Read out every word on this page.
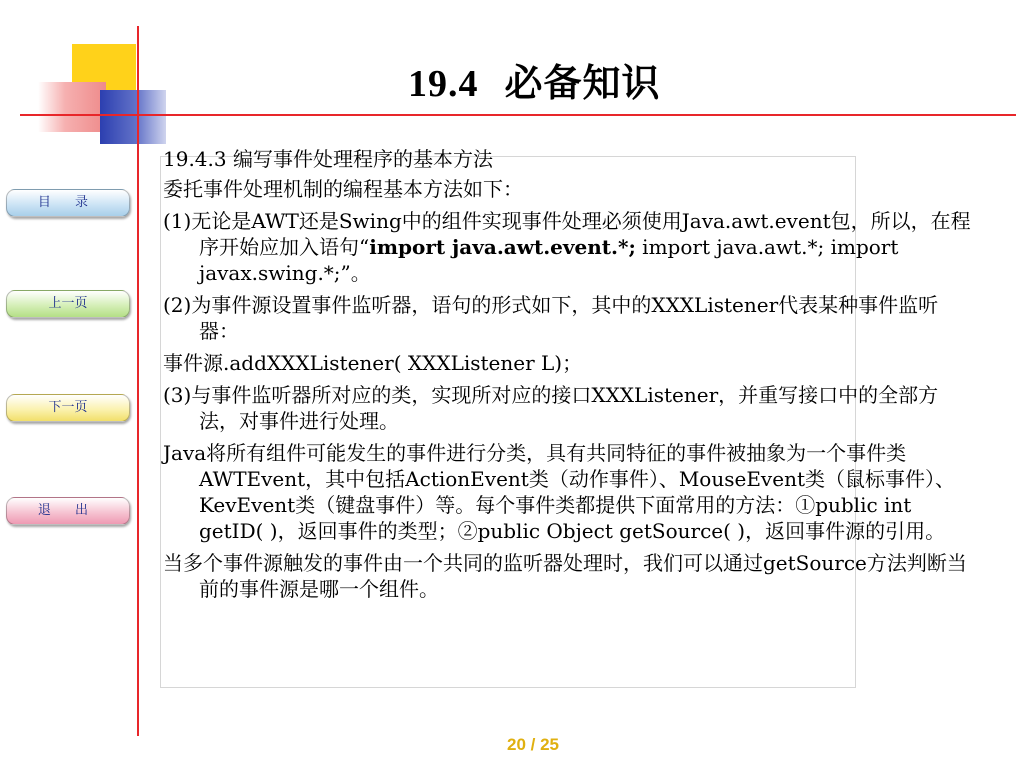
19.4 必备知识
目 录
上一页
下一页
退 出

19.4.3 编写事件处理程序的基本方法

委托事件处理机制的编程基本方法如下：

(1)无论是AWT还是Swing中的组件实现事件处理必须使用Java.awt.event包，所以，在程序开始应加入语句“import java.awt.event.*; import java.awt.*; import javax.swing.*;”。

(2)为事件源设置事件监听器，语句的形式如下，其中的XXXListener代表某种事件监听器：

事件源.addXXXListener( XXXListener L)；

(3)与事件监听器所对应的类，实现所对应的接口XXXListener，并重写接口中的全部方法，对事件进行处理。

Java将所有组件可能发生的事件进行分类，具有共同特征的事件被抽象为一个事件类AWTEvent，其中包括ActionEvent类（动作事件）、MouseEvent类（鼠标事件）、KevEvent类（键盘事件）等。每个事件类都提供下面常用的方法：①public int getID( )，返回事件的类型；②public Object getSource( )，返回事件源的引用。

当多个事件源触发的事件由一个共同的监听器处理时，我们可以通过getSource方法判断当前的事件源是哪一个组件。

20 / 25
